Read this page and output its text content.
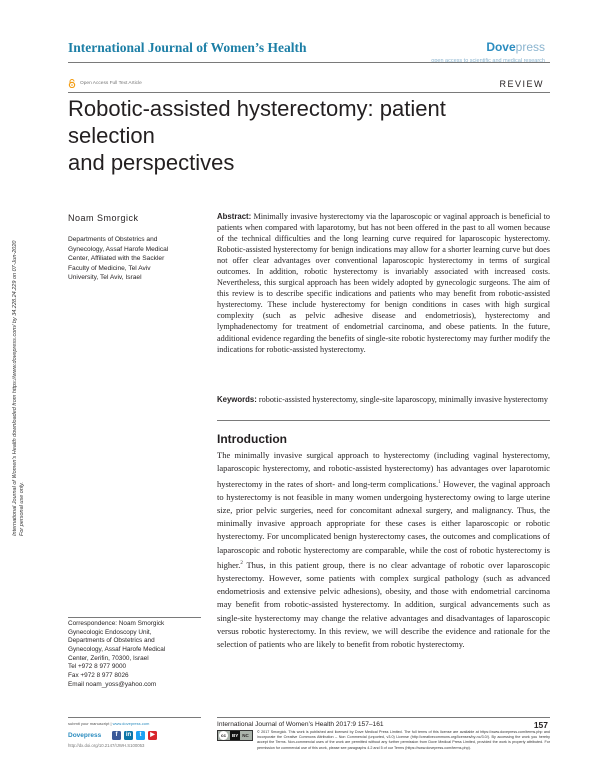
International Journal of Women’s Health	Dovepress
open access to scientific and medical research
Open Access Full Text Article	REVIEW
Robotic-assisted hysterectomy: patient selection
and perspectives
International Journal of Women's Health downloaded from https://www.dovepress.com/ by 34.228.24.229 on 07-Jun-2020 For personal use only.
Noam Smorgick
Departments of Obstetrics and
Gynecology, Assaf Harofe Medical
Center, Affiliated with the Sackler
Faculty of Medicine, Tel Aviv
University, Tel Aviv, Israel
Abstract: Minimally invasive hysterectomy via the laparoscopic or vaginal approach is beneficial to patients when compared with laparotomy, but has not been offered in the past to all women because of the technical difficulties and the long learning curve required for laparoscopic hysterectomy. Robotic-assisted hysterectomy for benign indications may allow for a shorter learning curve but does not offer clear advantages over conventional laparoscopic hysterectomy in terms of surgical outcomes. In addition, robotic hysterectomy is invariably associated with increased costs. Nevertheless, this surgical approach has been widely adopted by gynecologic surgeons. The aim of this review is to describe specific indications and patients who may benefit from robotic-assisted hysterectomy. These include hysterectomy for benign conditions in cases with high surgical complexity (such as pelvic adhesive disease and endometriosis), hysterectomy and lymphadenectomy for treatment of endometrial carcinoma, and obese patients. In the future, additional evidence regarding the benefits of single-site robotic hysterectomy may further modify the indications for robotic-assisted hysterectomy.
Keywords: robotic-assisted hysterectomy, single-site laparoscopy, minimally invasive hysterectomy
Introduction
The minimally invasive surgical approach to hysterectomy (including vaginal hysterectomy, laparoscopic hysterectomy, and robotic-assisted hysterectomy) has advantages over laparotomic hysterectomy in the rates of short- and long-term complications.$^1$ However, the vaginal approach to hysterectomy is not feasible in many women undergoing hysterectomy owing to large uterine size, prior pelvic surgeries, need for concomitant adnexal surgery, and malignancy. Thus, the minimally invasive approach appropriate for these cases is either laparoscopic or robotic hysterectomy. For uncomplicated benign hysterectomy cases, the outcomes and complications of laparoscopic and robotic hysterectomy are comparable, while the cost of robotic hysterectomy is higher.$^2$ Thus, in this patient group, there is no clear advantage of robotic over laparoscopic hysterectomy. However, some patients with complex surgical pathology (such as advanced endometriosis and extensive pelvic adhesions), obesity, and those with endometrial carcinoma may benefit from robotic-assisted hysterectomy. In addition, surgical advancements such as single-site hysterectomy may change the relative advantages and disadvantages of laparoscopic versus robotic hysterectomy. In this review, we will describe the evidence and rationale for the selection of patients who are likely to benefit from robotic hysterectomy.
Correspondence: Noam Smorgick
Gynecologic Endoscopy Unit,
Departments of Obstetrics and
Gynecology, Assaf Harofe Medical
Center, Zerifin, 70300, Israel
Tel +972 8 977 9000
Fax +972 8 977 8026
Email noam_yoss@yahoo.com
submit your manuscript | www.dovepress.com
Dovepress	f	in	t	▶
http://dx.doi.org/10.2147/IJWH.S100053
International Journal of Women’s Health 2017:9 157–161	157
cc	BY NC
© 2017 Smorgick. This work is published and licensed by Dove Medical Press Limited. The full terms of this license are available at https://www.dovepress.com/terms.php and incorporate the Creative Commons Attribution – Non Commercial (unported, v3.0) License (http://creativecommons.org/licenses/by-nc/3.0/). By accessing the work you hereby accept the Terms. Non-commercial uses of the work are permitted without any further permission from Dove Medical Press Limited, provided the work is properly attributed. For permission for commercial use of this work, please see paragraphs 4.2 and 5 of our Terms (https://www.dovepress.com/terms.php).
